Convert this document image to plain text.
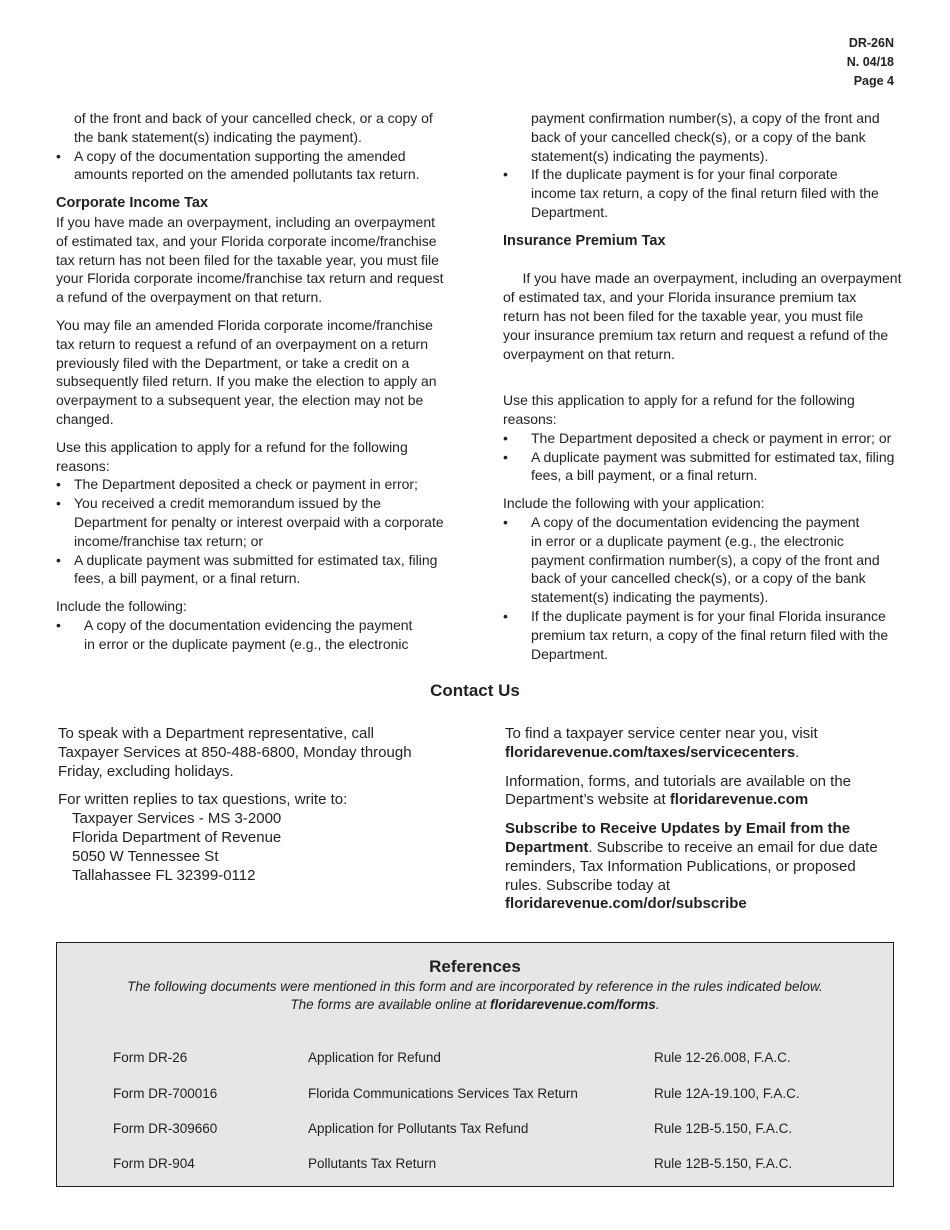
DR-26N
N. 04/18
Page 4
of the front and back of your cancelled check, or a copy of
the bank statement(s) indicating the payment).
• A copy of the documentation supporting the amended
amounts reported on the amended pollutants tax return.
Corporate Income Tax

If you have made an overpayment, including an overpayment
of estimated tax, and your Florida corporate income/franchise
tax return has not been filed for the taxable year, you must file
your Florida corporate income/franchise tax return and request
a refund of the overpayment on that return.

You may file an amended Florida corporate income/franchise
tax return to request a refund of an overpayment on a return
previously filed with the Department, or take a credit on a
subsequently filed return. If you make the election to apply an
overpayment to a subsequent year, the election may not be
changed.

Use this application to apply for a refund for the following
reasons:
• The Department deposited a check or payment in error;
• You received a credit memorandum issued by the
Department for penalty or interest overpaid with a corporate
income/franchise tax return; or
• A duplicate payment was submitted for estimated tax, filing
fees, a bill payment, or a final return.
Include the following:
• A copy of the documentation evidencing the payment
in error or the duplicate payment (e.g., the electronic
payment confirmation number(s), a copy of the front and
back of your cancelled check(s), or a copy of the bank
statement(s) indicating the payments).
• If the duplicate payment is for your final corporate
income tax return, a copy of the final return filed with the
Department.
Insurance Premium Tax

If you have made an overpayment, including an overpayment
of estimated tax, and your Florida insurance premium tax
return has not been filed for the taxable year, you must file
your insurance premium tax return and request a refund of the
overpayment on that return.

Use this application to apply for a refund for the following
reasons:
• The Department deposited a check or payment in error; or
• A duplicate payment was submitted for estimated tax, filing
fees, a bill payment, or a final return.
Include the following with your application:
• A copy of the documentation evidencing the payment
in error or a duplicate payment (e.g., the electronic
payment confirmation number(s), a copy of the front and
back of your cancelled check(s), or a copy of the bank
statement(s) indicating the payments).
• If the duplicate payment is for your final Florida insurance
premium tax return, a copy of the final return filed with the
Department.
Contact Us

To speak with a Department representative, call
Taxpayer Services at 850-488-6800, Monday through
Friday, excluding holidays.

For written replies to tax questions, write to:
Taxpayer Services - MS 3-2000
Florida Department of Revenue
5050 W Tennessee St
Tallahassee FL 32399-0112

To find a taxpayer service center near you, visit
floridarevenue.com/taxes/servicecenters.

Information, forms, and tutorials are available on the
Department’s website at floridarevenue.com

Subscribe to Receive Updates by Email from the
Department. Subscribe to receive an email for due date
reminders, Tax Information Publications, or proposed
rules. Subscribe today at
floridarevenue.com/dor/subscribe

References
The following documents were mentioned in this form and are incorporated by reference in the rules indicated below.
The forms are available online at floridarevenue.com/forms.
Form DR-26	Application for Refund	Rule 12-26.008, F.A.C.
Form DR-700016	Florida Communications Services Tax Return	Rule 12A-19.100, F.A.C.
Form DR-309660	Application for Pollutants Tax Refund	Rule 12B-5.150, F.A.C.
Form DR-904	Pollutants Tax Return	Rule 12B-5.150, F.A.C.
